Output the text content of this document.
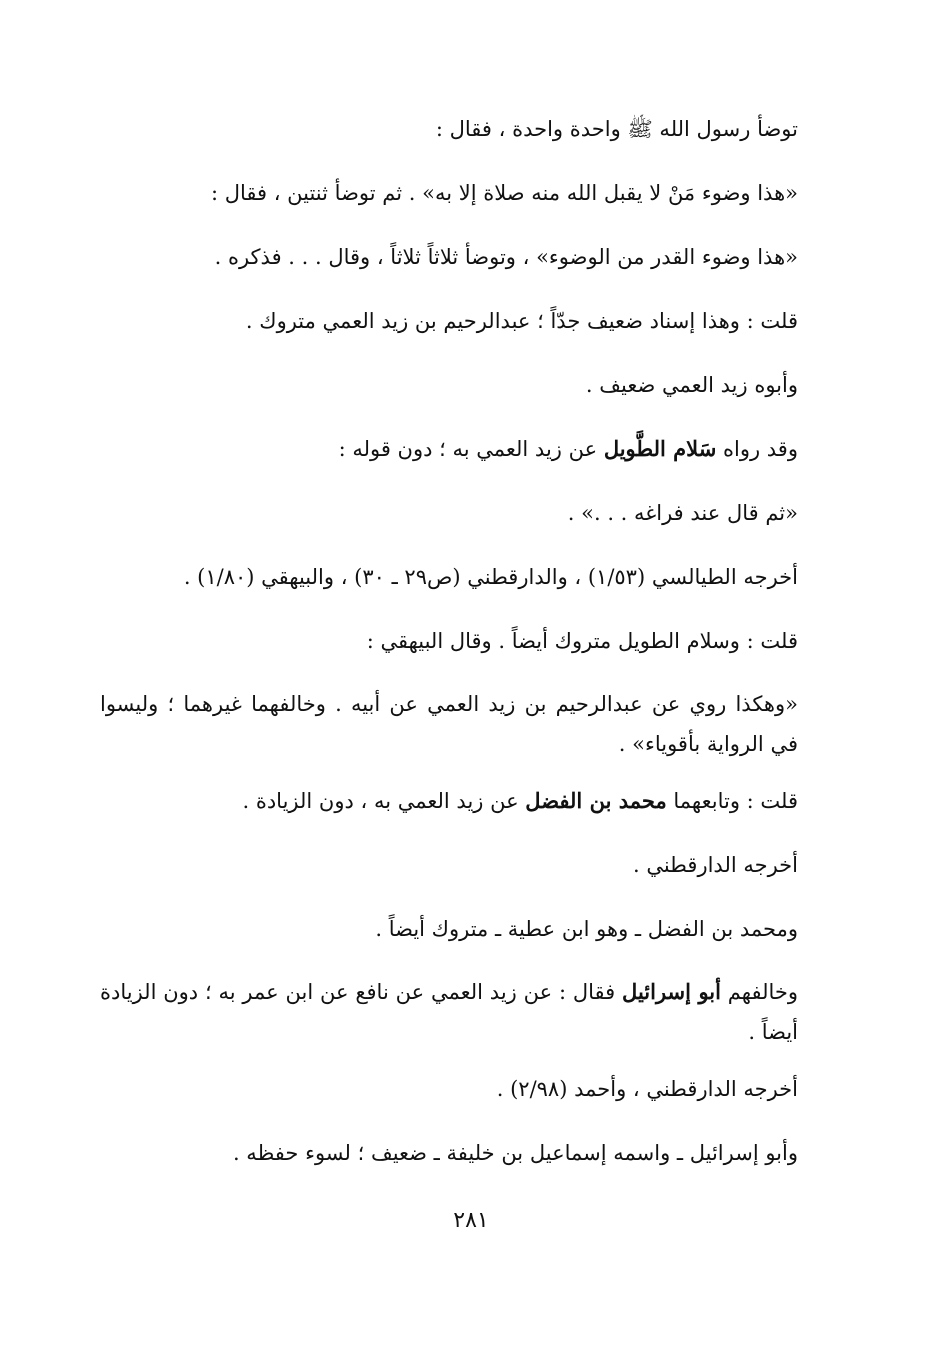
توضأ رسول الله ﷺ واحدة واحدة ، فقال :

«هذا وضوء مَنْ لا يقبل الله منه صلاة إلا به» . ثم توضأ ثنتين ، فقال :

«هذا وضوء القدر من الوضوء» ، وتوضأ ثلاثاً ثلاثاً ، وقال . . . فذكره .

قلت : وهذا إسناد ضعيف جدّاً ؛ عبدالرحيم بن زيد العمي متروك .

وأبوه زيد العمي ضعيف .

وقد رواه سَلام الطَّويل عن زيد العمي به ؛ دون قوله :

«ثم قال عند فراغه . . .» .

أخرجه الطيالسي (١/٥٣) ، والدارقطني (ص٢٩ ـ ٣٠) ، والبيهقي (١/٨٠) .

قلت : وسلام الطويل متروك أيضاً . وقال البيهقي :

«وهكذا روي عن عبدالرحيم بن زيد العمي عن أبيه . وخالفهما غيرهما ؛ وليسوا في الرواية بأقوياء» .

قلت : وتابعهما محمد بن الفضل عن زيد العمي به ، دون الزيادة .

أخرجه الدارقطني .

ومحمد بن الفضل ـ وهو ابن عطية ـ متروك أيضاً .

وخالفهم أبو إسرائيل فقال : عن زيد العمي عن نافع عن ابن عمر به ؛ دون الزيادة أيضاً .

أخرجه الدارقطني ، وأحمد (٢/٩٨) .

وأبو إسرائيل ـ واسمه إسماعيل بن خليفة ـ ضعيف ؛ لسوء حفظه .

٢٨١
